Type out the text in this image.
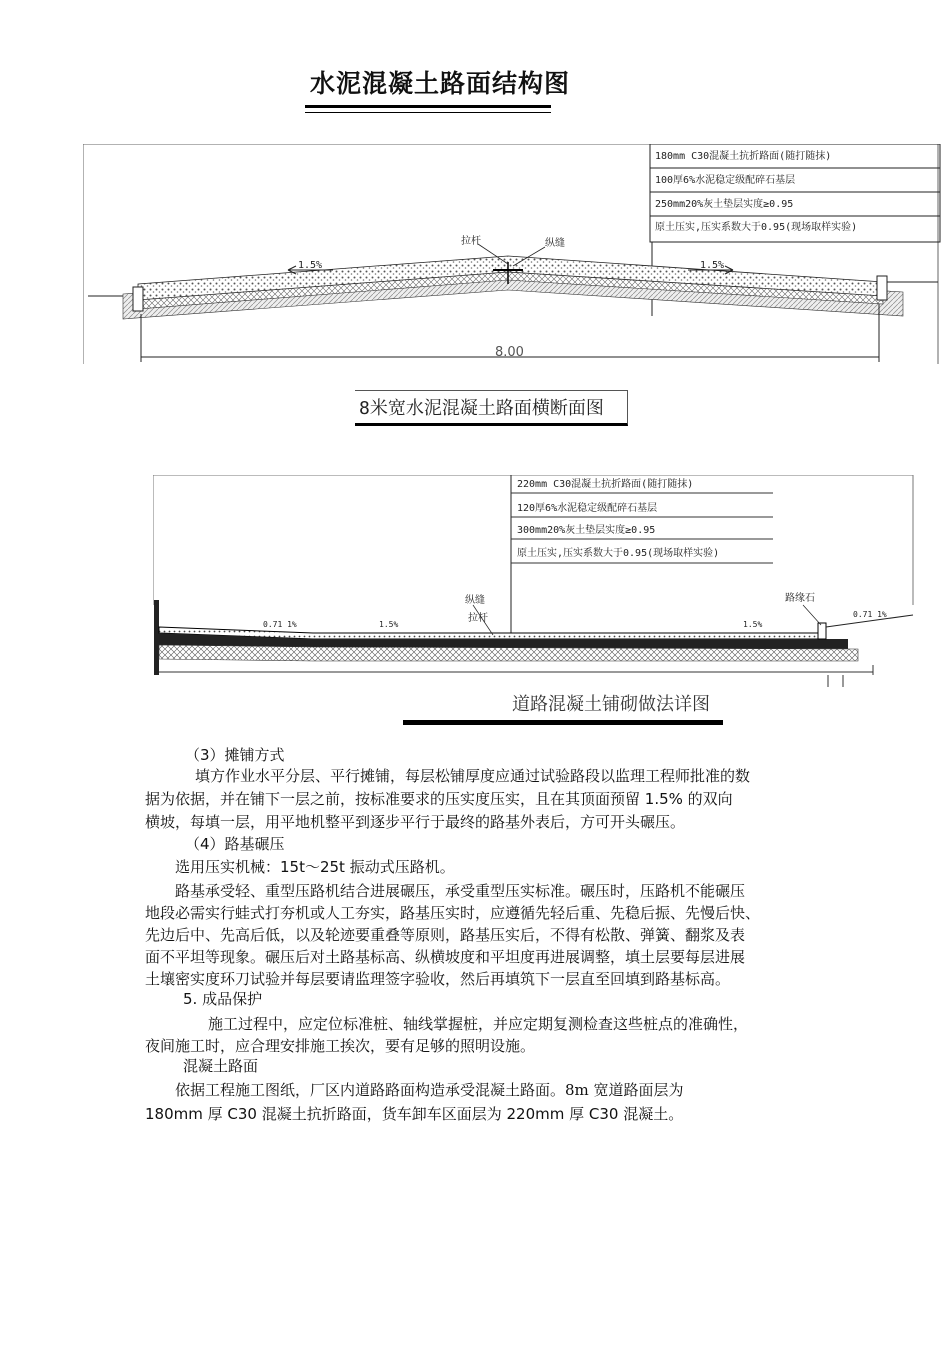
水泥混凝土路面结构图
180mm C30混凝土抗折路面(随打随抹)
100厚6%水泥稳定级配碎石基层
250mm20%灰土垫层实度≥0.95
原土压实,压实系数大于0.95(现场取样实验)
拉杆	纵缝
1.5%	1.5%
8.00
8米宽水泥混凝土路面横断面图
220mm C30混凝土抗折路面(随打随抹)
120厚6%水泥稳定级配碎石基层
300mm20%灰土垫层实度≥0.95
原土压实,压实系数大于0.95(现场取样实验)
纵缝
拉杆
路缘石
0.71 1%	1.5%	1.5%
0.71 1%
道路混凝土铺砌做法详图
（3）摊铺方式
填方作业水平分层、平行摊铺，每层松铺厚度应通过试验路段以监理工程师批准的数
据为依据，并在铺下一层之前，按标准要求的压实度压实，且在其顶面预留 1.5% 的双向
横坡，每填一层，用平地机整平到逐步平行于最终的路基外表后，方可开头碾压。
（4）路基碾压
选用压实机械：15t～25t 振动式压路机。
路基承受轻、重型压路机结合进展碾压，承受重型压实标准。碾压时，压路机不能碾压
地段必需实行蛙式打夯机或人工夯实，路基压实时，应遵循先轻后重、先稳后振、先慢后快、
先边后中、先高后低，以及轮迹要重叠等原则，路基压实后，不得有松散、弹簧、翻浆及表
面不平坦等现象。碾压后对土路基标高、纵横坡度和平坦度再进展调整，填土层要每层进展
土壤密实度环刀试验并每层要请监理签字验收，然后再填筑下一层直至回填到路基标高。
5. 成品保护
施工过程中，应定位标准桩、轴线掌握桩，并应定期复测检查这些桩点的准确性，
夜间施工时，应合理安排施工挨次，要有足够的照明设施。
混凝土路面
依据工程施工图纸，厂区内道路路面构造承受混凝土路面。8m 宽道路面层为
180mm 厚 C30 混凝土抗折路面，货车卸车区面层为 220mm 厚 C30 混凝土。
